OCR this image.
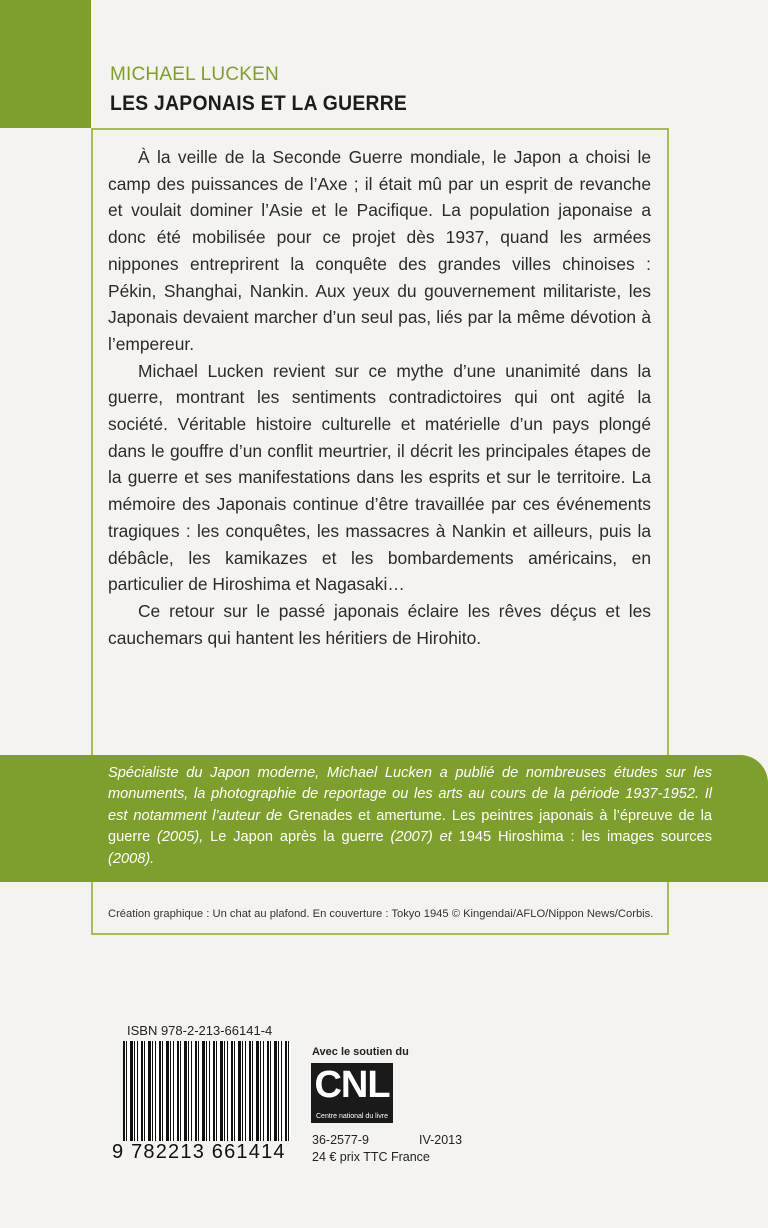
MICHAEL LUCKEN
LES JAPONAIS ET LA GUERRE

À la veille de la Seconde Guerre mondiale, le Japon a choisi le camp des puissances de l’Axe ; il était mû par un esprit de revanche et voulait dominer l’Asie et le Pacifique. La population japonaise a donc été mobilisée pour ce projet dès 1937, quand les armées nippones entreprirent la conquête des grandes villes chinoises : Pékin, Shanghai, Nankin. Aux yeux du gouvernement militariste, les Japonais devaient marcher d’un seul pas, liés par la même dévotion à l’empereur.

Michael Lucken revient sur ce mythe d’une unanimité dans la guerre, montrant les sentiments contradictoires qui ont agité la société. Véritable histoire culturelle et matérielle d’un pays plongé dans le gouffre d’un conflit meurtrier, il décrit les principales étapes de la guerre et ses manifestations dans les esprits et sur le territoire. La mémoire des Japonais continue d’être travaillée par ces événements tragiques : les conquêtes, les massacres à Nankin et ailleurs, puis la débâcle, les kamikazes et les bombardements américains, en particulier de Hiroshima et Nagasaki…

Ce retour sur le passé japonais éclaire les rêves déçus et les cauchemars qui hantent les héritiers de Hirohito.

Spécialiste du Japon moderne, Michael Lucken a publié de nombreuses études sur les monuments, la photographie de reportage ou les arts au cours de la période 1937-1952. Il est notamment l’auteur de Grenades et amertume. Les peintres japonais à l’épreuve de la guerre (2005), Le Japon après la guerre (2007) et 1945 Hiroshima : les images sources (2008).
Création graphique : Un chat au plafond. En couverture : Tokyo 1945 © Kingendai/AFLO/Nippon News/Corbis.
ISBN 978-2-213-66141-4
9 782213 661414
Avec le soutien du
CNL
Centre national du livre
36-2577-9	IV-2013
24 € prix TTC France
